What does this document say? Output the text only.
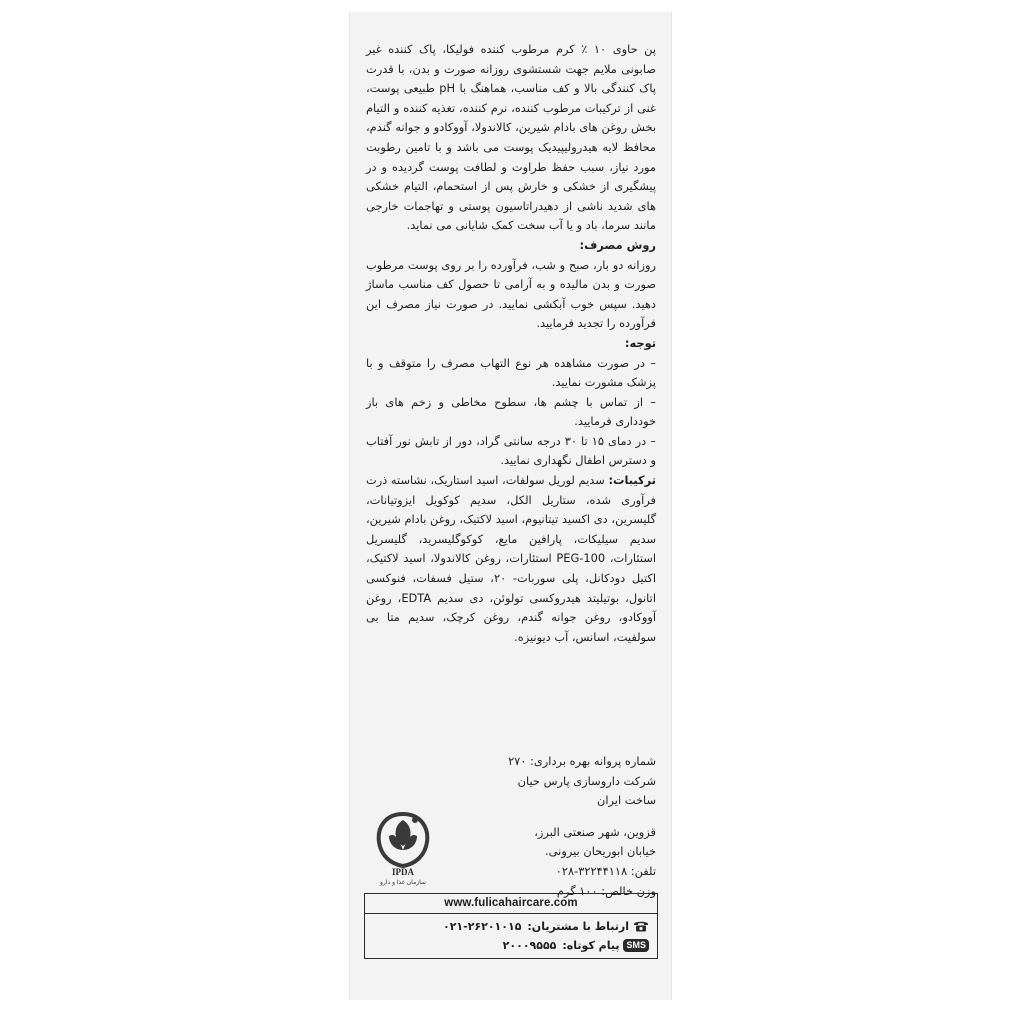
پن حاوی ۱۰ ٪ کرم مرطوب کننده فولیکا، پاک کننده غیر صابونی ملایم جهت شستشوی روزانه صورت و بدن، با قدرت پاک کنندگی بالا و کف مناسب، هماهنگ با pH طبیعی پوست، غنی از ترکیبات مرطوب کننده، نرم کننده، تغذیه کننده و التیام بخش روغن های بادام شیرین، کالاندولا، آووکادو و جوانه گندم، محافظ لایه هیدرولیپیدیک پوست می باشد و با تامین رطوبت مورد نیاز، سبب حفظ طراوت و لطافت پوست گردیده و در پیشگیری از خشکی و خارش پس از استحمام، التیام خشکی های شدید ناشی از دهیدراتاسیون پوستی و تهاجمات خارجی مانند سرما، باد و یا آب سخت کمک شایانی می نماید.

روش مصرف:

روزانه دو بار، صبح و شب، فرآورده را بر روی پوست مرطوب صورت و بدن مالیده و به آرامی تا حصول کف مناسب ماساژ دهید. سپس خوب آبکشی نمایید. در صورت نیاز مصرف این فرآورده را تجدید فرمایید.

توجه:

– در صورت مشاهده هر نوع التهاب مصرف را متوقف و با پزشک مشورت نمایید.

– از تماس با چشم ها، سطوح مخاطی و زخم های باز خودداری فرمایید.

– در دمای ۱۵ تا ۳۰ درجه سانتی گراد، دور از تابش نور آفتاب و دسترس اطفال نگهداری نمایید.

ترکیبات: سدیم لوریل سولفات، اسید استاریک، نشاسته ذرت فرآوری شده، ستاریل الکل، سدیم کوکویل ایزوتیانات، گلیسرین، دی اکسید تیتانیوم، اسید لاکتیک، روغن بادام شیرین، سدیم سیلیکات، پارافین مایع، کوکوگلیسرید، گلیسریل استئارات، PEG-100 استئارات، روغن کالاندولا، اسید لاکتیک، اکتیل دودکانل، پلی سوربات- ۲۰، ستیل فسفات، فنوکسی اتانول، بوتیلیتد هیدروکسی تولوئن، دی سدیم EDTA، روغن آووکادو، روغن جوانه گندم، روغن کرچک، سدیم متا بی سولفیت، اسانس، آب دیونیزه.

شماره پروانه بهره برداری: ۲۷۰
شرکت داروسازی پارس حیان
ساخت ایران
قزوین، شهر صنعتی البرز،
خیابان ابوریحان بیرونی.
تلفن: ۳۲۲۴۴۱۱۸-۰۲۸
وزن خالص: ۱۰۰ گرم
IPDA
سازمان غذا و دارو
www.fulicahaircare.com
ارتباط با مشتریان:
۰۲۱-۲۶۲۰۱۰۱۵
SMS
پیام کوتاه:
۲۰۰۰۹۵۵۵
